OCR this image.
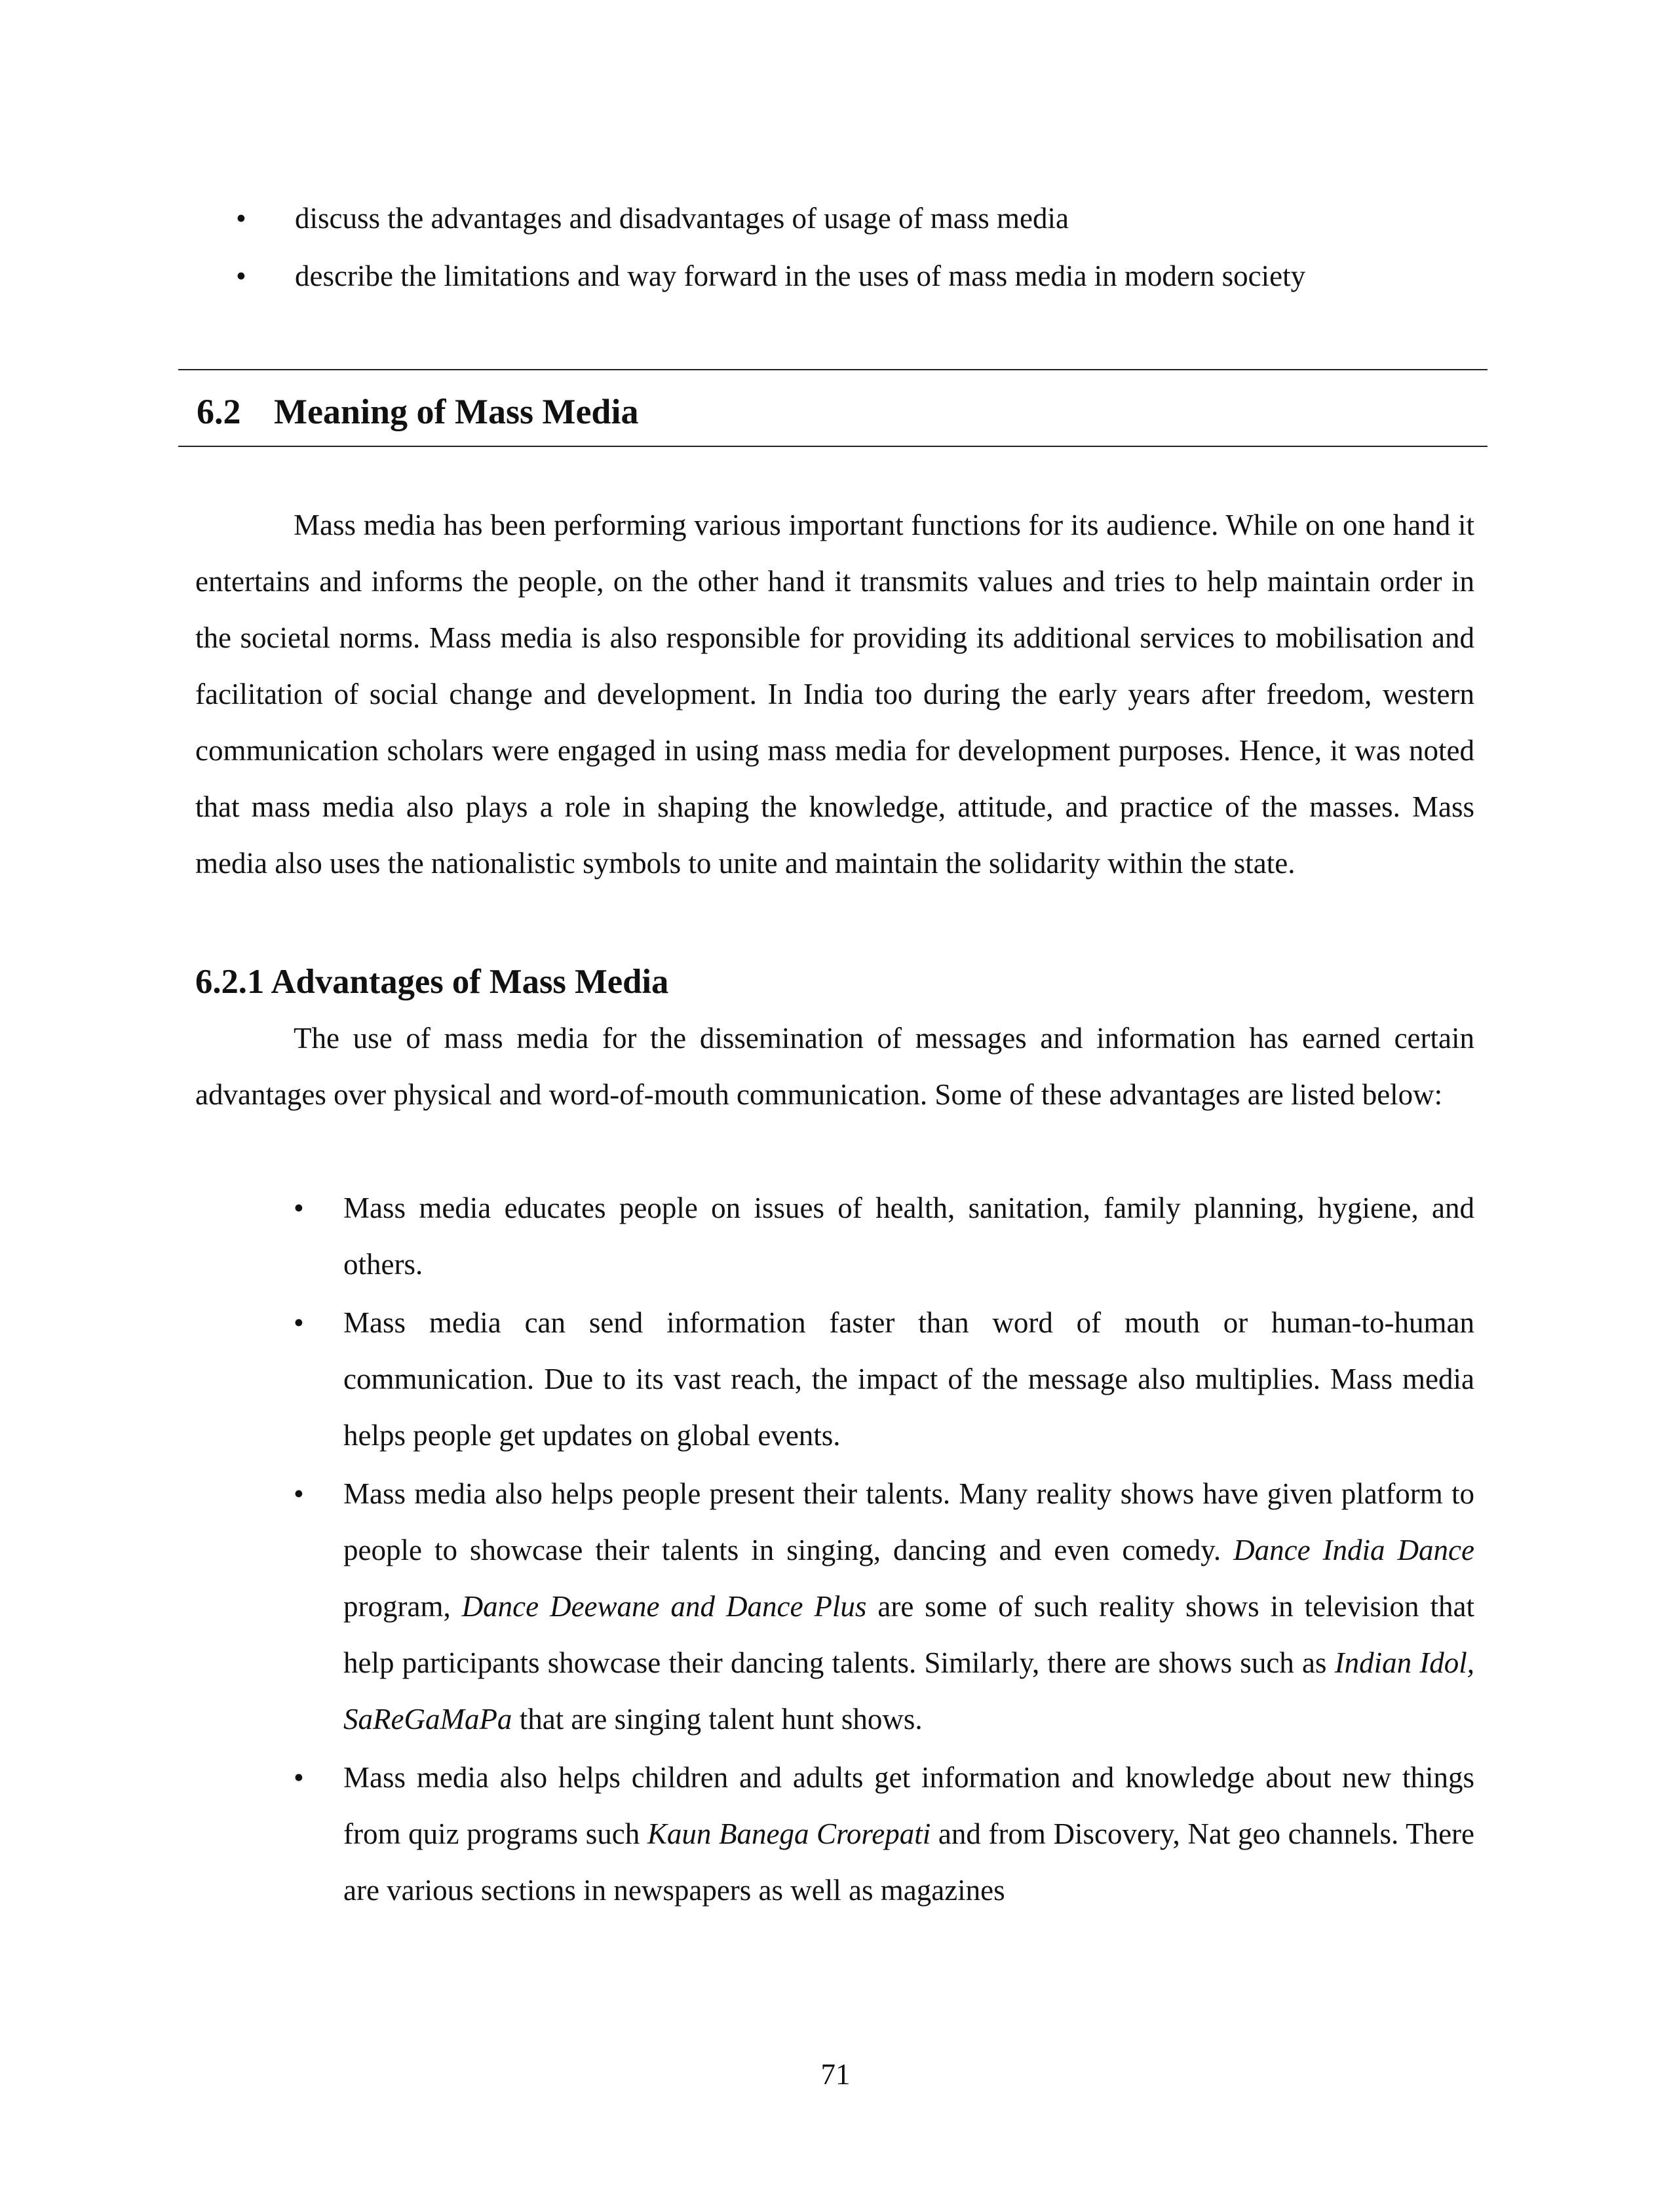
• discuss the advantages and disadvantages of usage of mass media
• describe the limitations and way forward in the uses of mass media in modern society
6.2 Meaning of Mass Media

Mass media has been performing various important functions for its audience. While on one hand it entertains and informs the people, on the other hand it transmits values and tries to help maintain order in the societal norms. Mass media is also responsible for providing its additional services to mobilisation and facilitation of social change and development. In India too during the early years after freedom, western communication scholars were engaged in using mass media for development purposes. Hence, it was noted that mass media also plays a role in shaping the knowledge, attitude, and practice of the masses. Mass media also uses the nationalistic symbols to unite and maintain the solidarity within the state.

6.2.1 Advantages of Mass Media

The use of mass media for the dissemination of messages and information has earned certain advantages over physical and word-of-mouth communication. Some of these advantages are listed below:

• Mass media educates people on issues of health, sanitation, family planning, hygiene, and others.
• Mass media can send information faster than word of mouth or human-to-human communication. Due to its vast reach, the impact of the message also multiplies. Mass media helps people get updates on global events.
• Mass media also helps people present their talents. Many reality shows have given platform to people to showcase their talents in singing, dancing and even comedy. Dance India Dance program, Dance Deewane and Dance Plus are some of such reality shows in television that help participants showcase their dancing talents. Similarly, there are shows such as Indian Idol, SaReGaMaPa that are singing talent hunt shows.
• Mass media also helps children and adults get information and knowledge about new things from quiz programs such Kaun Banega Crorepati and from Discovery, Nat geo channels. There are various sections in newspapers as well as magazines

71
